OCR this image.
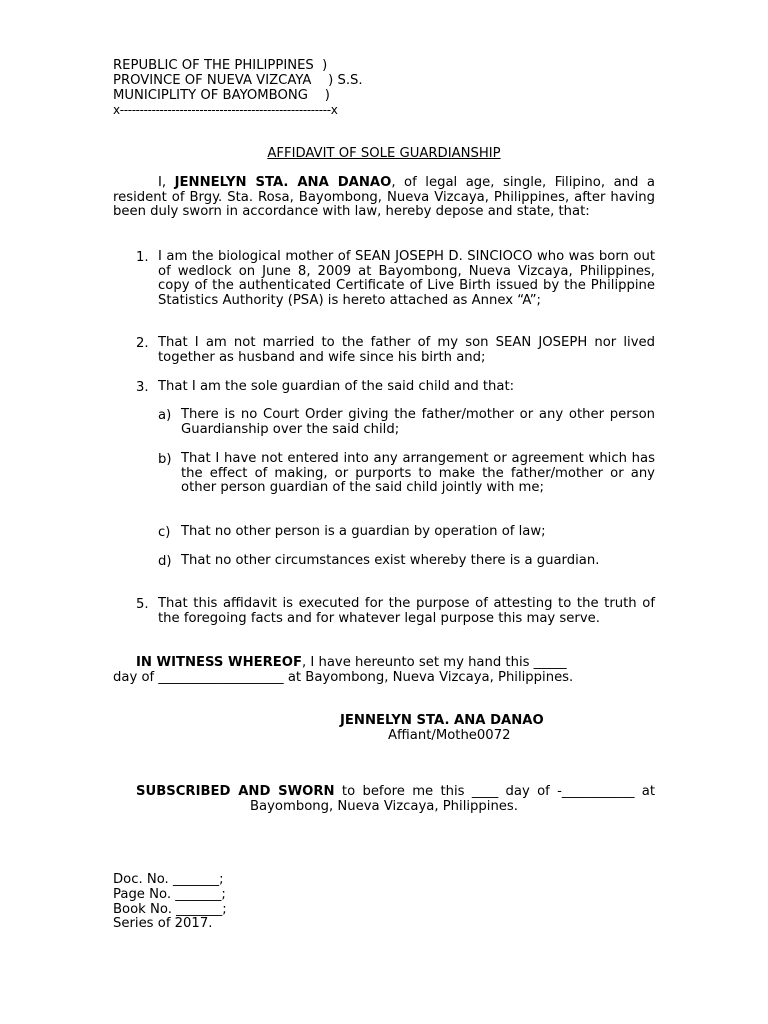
REPUBLIC OF THE PHILIPPINES  )
PROVINCE OF NUEVA VIZCAYA    ) S.S.
MUNICIPLITY OF BAYOMBONG    )
x-----------------------------------------------------x
AFFIDAVIT OF SOLE GUARDIANSHIP
I, JENNELYN STA. ANA DANAO, of legal age, single, Filipino, and a resident of Brgy. Sta. Rosa, Bayombong, Nueva Vizcaya, Philippines, after having been duly sworn in accordance with law, hereby depose and state, that:
1. I am the biological mother of SEAN JOSEPH D. SINCIOCO who was born out of wedlock on June 8, 2009 at Bayombong, Nueva Vizcaya, Philippines, copy of the authenticated Certificate of Live Birth issued by the Philippine Statistics Authority (PSA) is hereto attached as Annex “A”;
2. That I am not married to the father of my son SEAN JOSEPH nor lived together as husband and wife since his birth and;
3. That I am the sole guardian of the said child and that:
a) There is no Court Order giving the father/mother or any other person Guardianship over the said child;
b) That I have not entered into any arrangement or agreement which has the effect of making, or purports to make the father/mother or any other person guardian of the said child jointly with me;
c) That no other person is a guardian by operation of law;
d) That no other circumstances exist whereby there is a guardian.
5. That this affidavit is executed for the purpose of attesting to the truth of the foregoing facts and for whatever legal purpose this may serve.
IN WITNESS WHEREOF, I have hereunto set my hand this _____
day of ___________________ at Bayombong, Nueva Vizcaya, Philippines.
JENNELYN STA. ANA DANAO
Affiant/Mothe0072
SUBSCRIBED AND SWORN to before me this ____ day of -___________ at Bayombong, Nueva Vizcaya, Philippines.
Doc. No. _______;
Page No. _______;
Book No. _______;
Series of 2017.
